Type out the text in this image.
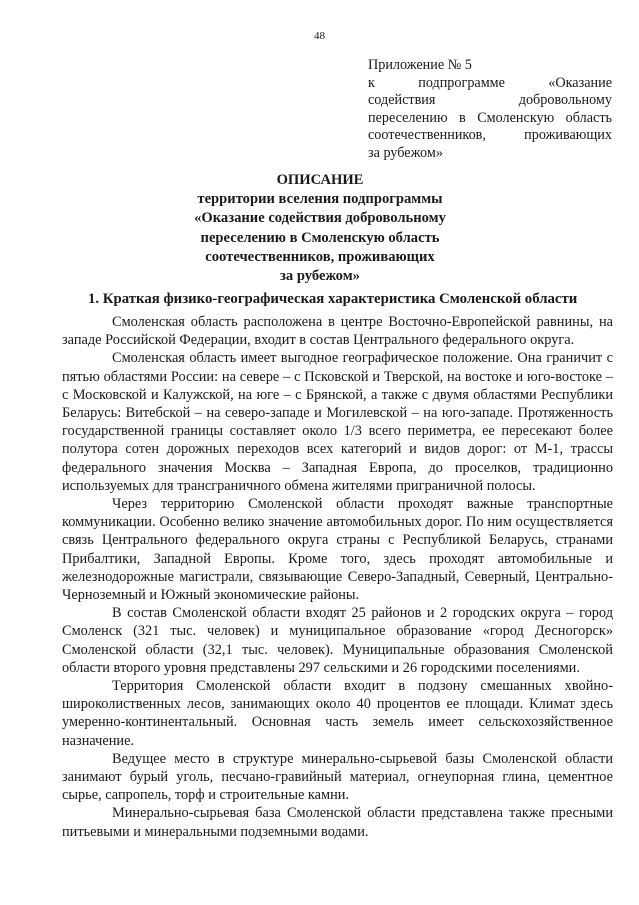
48

Приложение № 5

к подпрограмме «Оказание

содействия добровольному

переселению в Смоленскую область

соотечественников, проживающих

за рубежом»

ОПИСАНИЕ
территории вселения подпрограммы
«Оказание содействия добровольному
переселению в Смоленскую область
соотечественников, проживающих
за рубежом»
1. Краткая физико-географическая характеристика Смоленской области

Смоленская область расположена в центре Восточно-Европейской равнины, на западе Российской Федерации, входит в состав Центрального федерального округа.

Смоленская область имеет выгодное географическое положение. Она граничит с пятью областями России: на севере – с Псковской и Тверской, на востоке и юго-востоке – с Московской и Калужской, на юге – с Брянской, а также с двумя областями Республики Беларусь: Витебской – на северо-западе и Могилевской – на юго-западе. Протяженность государственной границы составляет около 1/3 всего периметра, ее пересекают более полутора сотен дорожных переходов всех категорий и видов дорог: от М-1, трассы федерального значения Москва – Западная Европа, до проселков, традиционно используемых для трансграничного обмена жителями приграничной полосы.

Через территорию Смоленской области проходят важные транспортные коммуникации. Особенно велико значение автомобильных дорог. По ним осуществляется связь Центрального федерального округа страны с Республикой Беларусь, странами Прибалтики, Западной Европы. Кроме того, здесь проходят автомобильные и железнодорожные магистрали, связывающие Северо-Западный, Северный, Центрально-Черноземный и Южный экономические районы.

В состав Смоленской области входят 25 районов и 2 городских округа – город Смоленск (321 тыс. человек) и муниципальное образование «город Десногорск» Смоленской области (32,1 тыс. человек). Муниципальные образования Смоленской области второго уровня представлены 297 сельскими и 26 городскими поселениями.

Территория Смоленской области входит в подзону смешанных хвойно-широколиственных лесов, занимающих около 40 процентов ее площади. Климат здесь умеренно-континентальный. Основная часть земель имеет сельскохозяйственное назначение.

Ведущее место в структуре минерально-сырьевой базы Смоленской области занимают бурый уголь, песчано-гравийный материал, огнеупорная глина, цементное сырье, сапропель, торф и строительные камни.

Минерально-сырьевая база Смоленской области представлена также пресными питьевыми и минеральными подземными водами.
